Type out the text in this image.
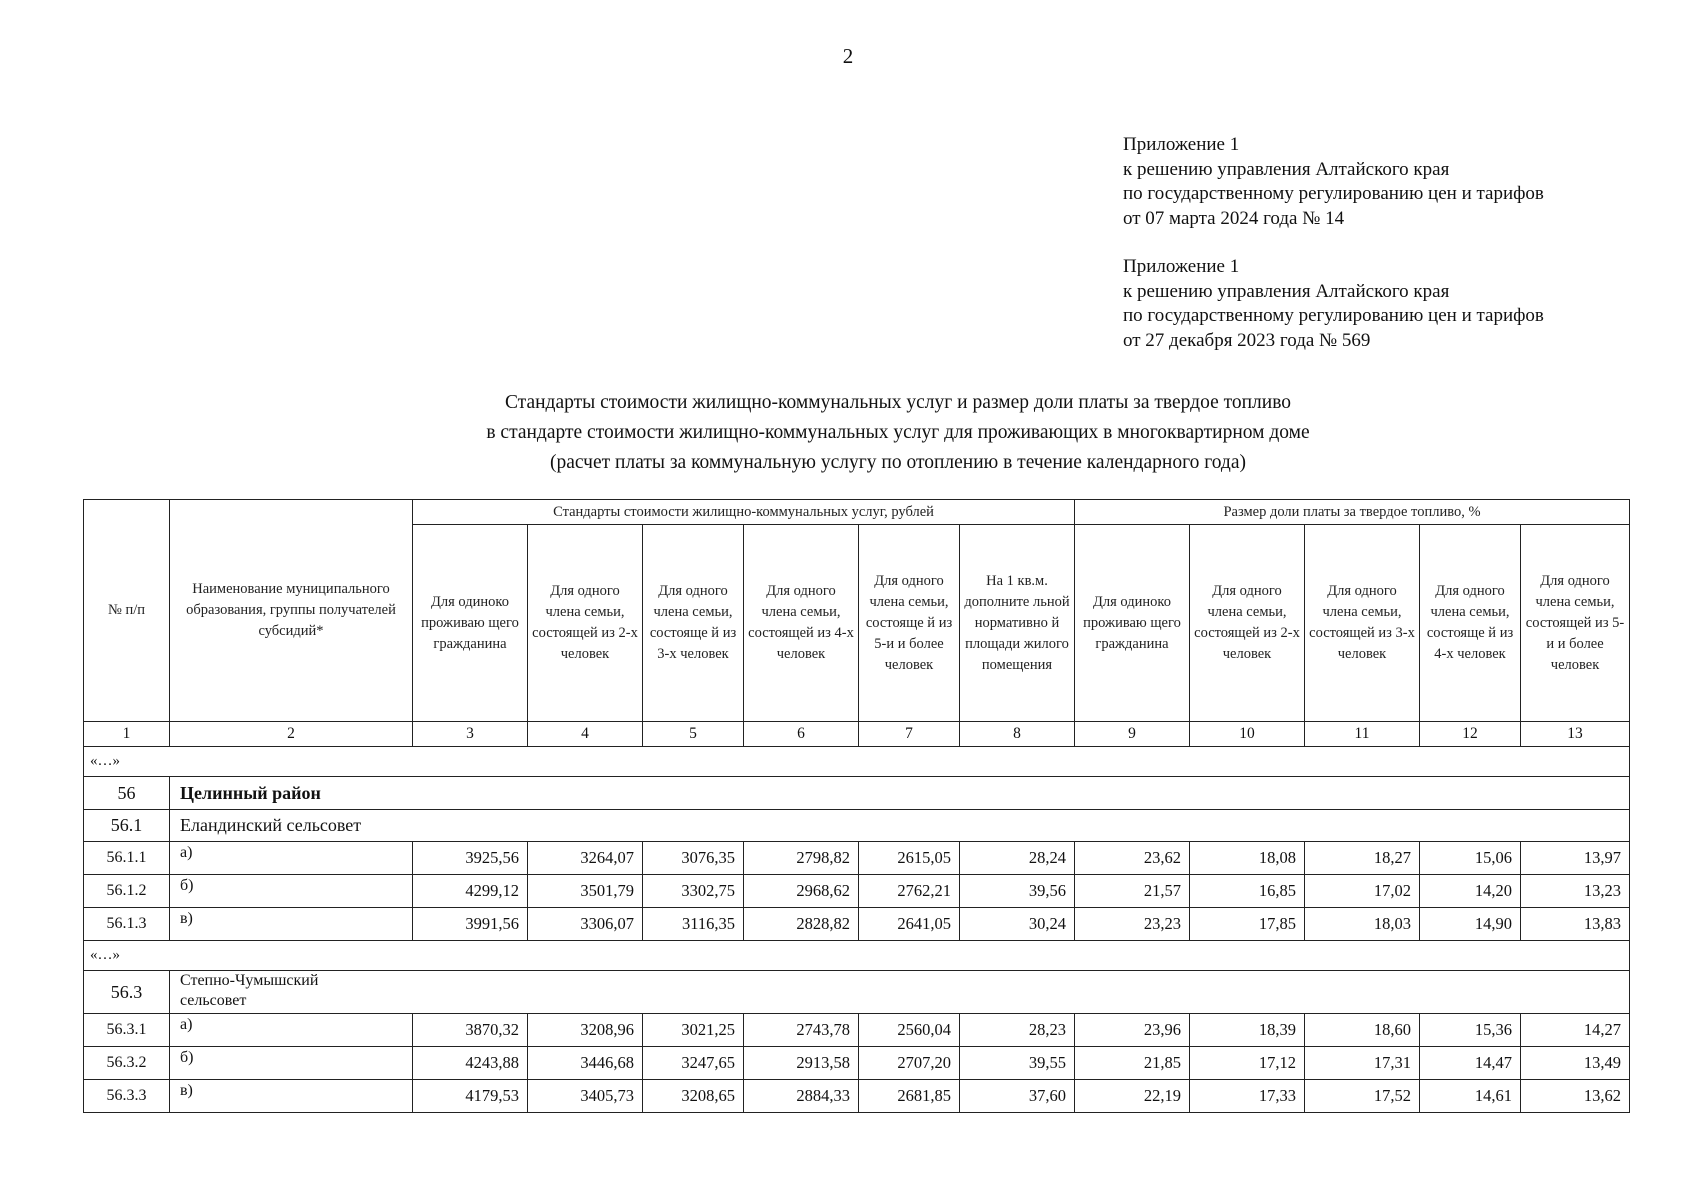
2
Приложение 1
к решению управления Алтайского края
по государственному регулированию цен и тарифов
от 07 марта 2024 года № 14
Приложение 1
к решению управления Алтайского края
по государственному регулированию цен и тарифов
от 27 декабря 2023 года № 569
Стандарты стоимости жилищно-коммунальных услуг и размер доли платы за твердое топливо
в стандарте стоимости жилищно-коммунальных услуг для проживающих в многоквартирном доме
(расчет платы за коммунальную услугу по отоплению в течение календарного года)
№ п/п	Наименование муниципального образования, группы получателей субсидий*	Стандарты стоимости жилищно-коммунальных услуг, рублей						Размер доли платы за твердое топливо, %				
		Для одиноко проживаю щего гражданина	Для одного члена семьи, состоящей из 2-х человек	Для одного члена семьи, состояще й из 3-х человек	Для одного члена семьи, состоящей из 4-х человек	Для одного члена семьи, состояще й из 5-и и более человек	На 1 кв.м. дополните льной нормативно й площади жилого помещения	Для одиноко проживаю щего гражданина	Для одного члена семьи, состоящей из 2-х человек	Для одного члена семьи, состоящей из 3-х человек	Для одного члена семьи, состояще й из 4-х человек	Для одного члена семьи, состоящей из 5-и и более человек
1	2	3	4	5	6	7	8	9	10	11	12	13
«…»												
56	Целинный район											
56.1	Еландинский сельсовет											
56.1.1	а)	3925,56	3264,07	3076,35	2798,82	2615,05	28,24	23,62	18,08	18,27	15,06	13,97
56.1.2	б)	4299,12	3501,79	3302,75	2968,62	2762,21	39,56	21,57	16,85	17,02	14,20	13,23
56.1.3	в)	3991,56	3306,07	3116,35	2828,82	2641,05	30,24	23,23	17,85	18,03	14,90	13,83
«…»												
56.3	Степно-Чумышский сельсовет											

56.3.1	а)	3870,32	3208,96	3021,25	2743,78	2560,04	28,23	23,96	18,39	18,60	15,36	14,27
56.3.2	б)	4243,88	3446,68	3247,65	2913,58	2707,20	39,55	21,85	17,12	17,31	14,47	13,49
56.3.3	в)	4179,53	3405,73	3208,65	2884,33	2681,85	37,60	22,19	17,33	17,52	14,61	13,62
